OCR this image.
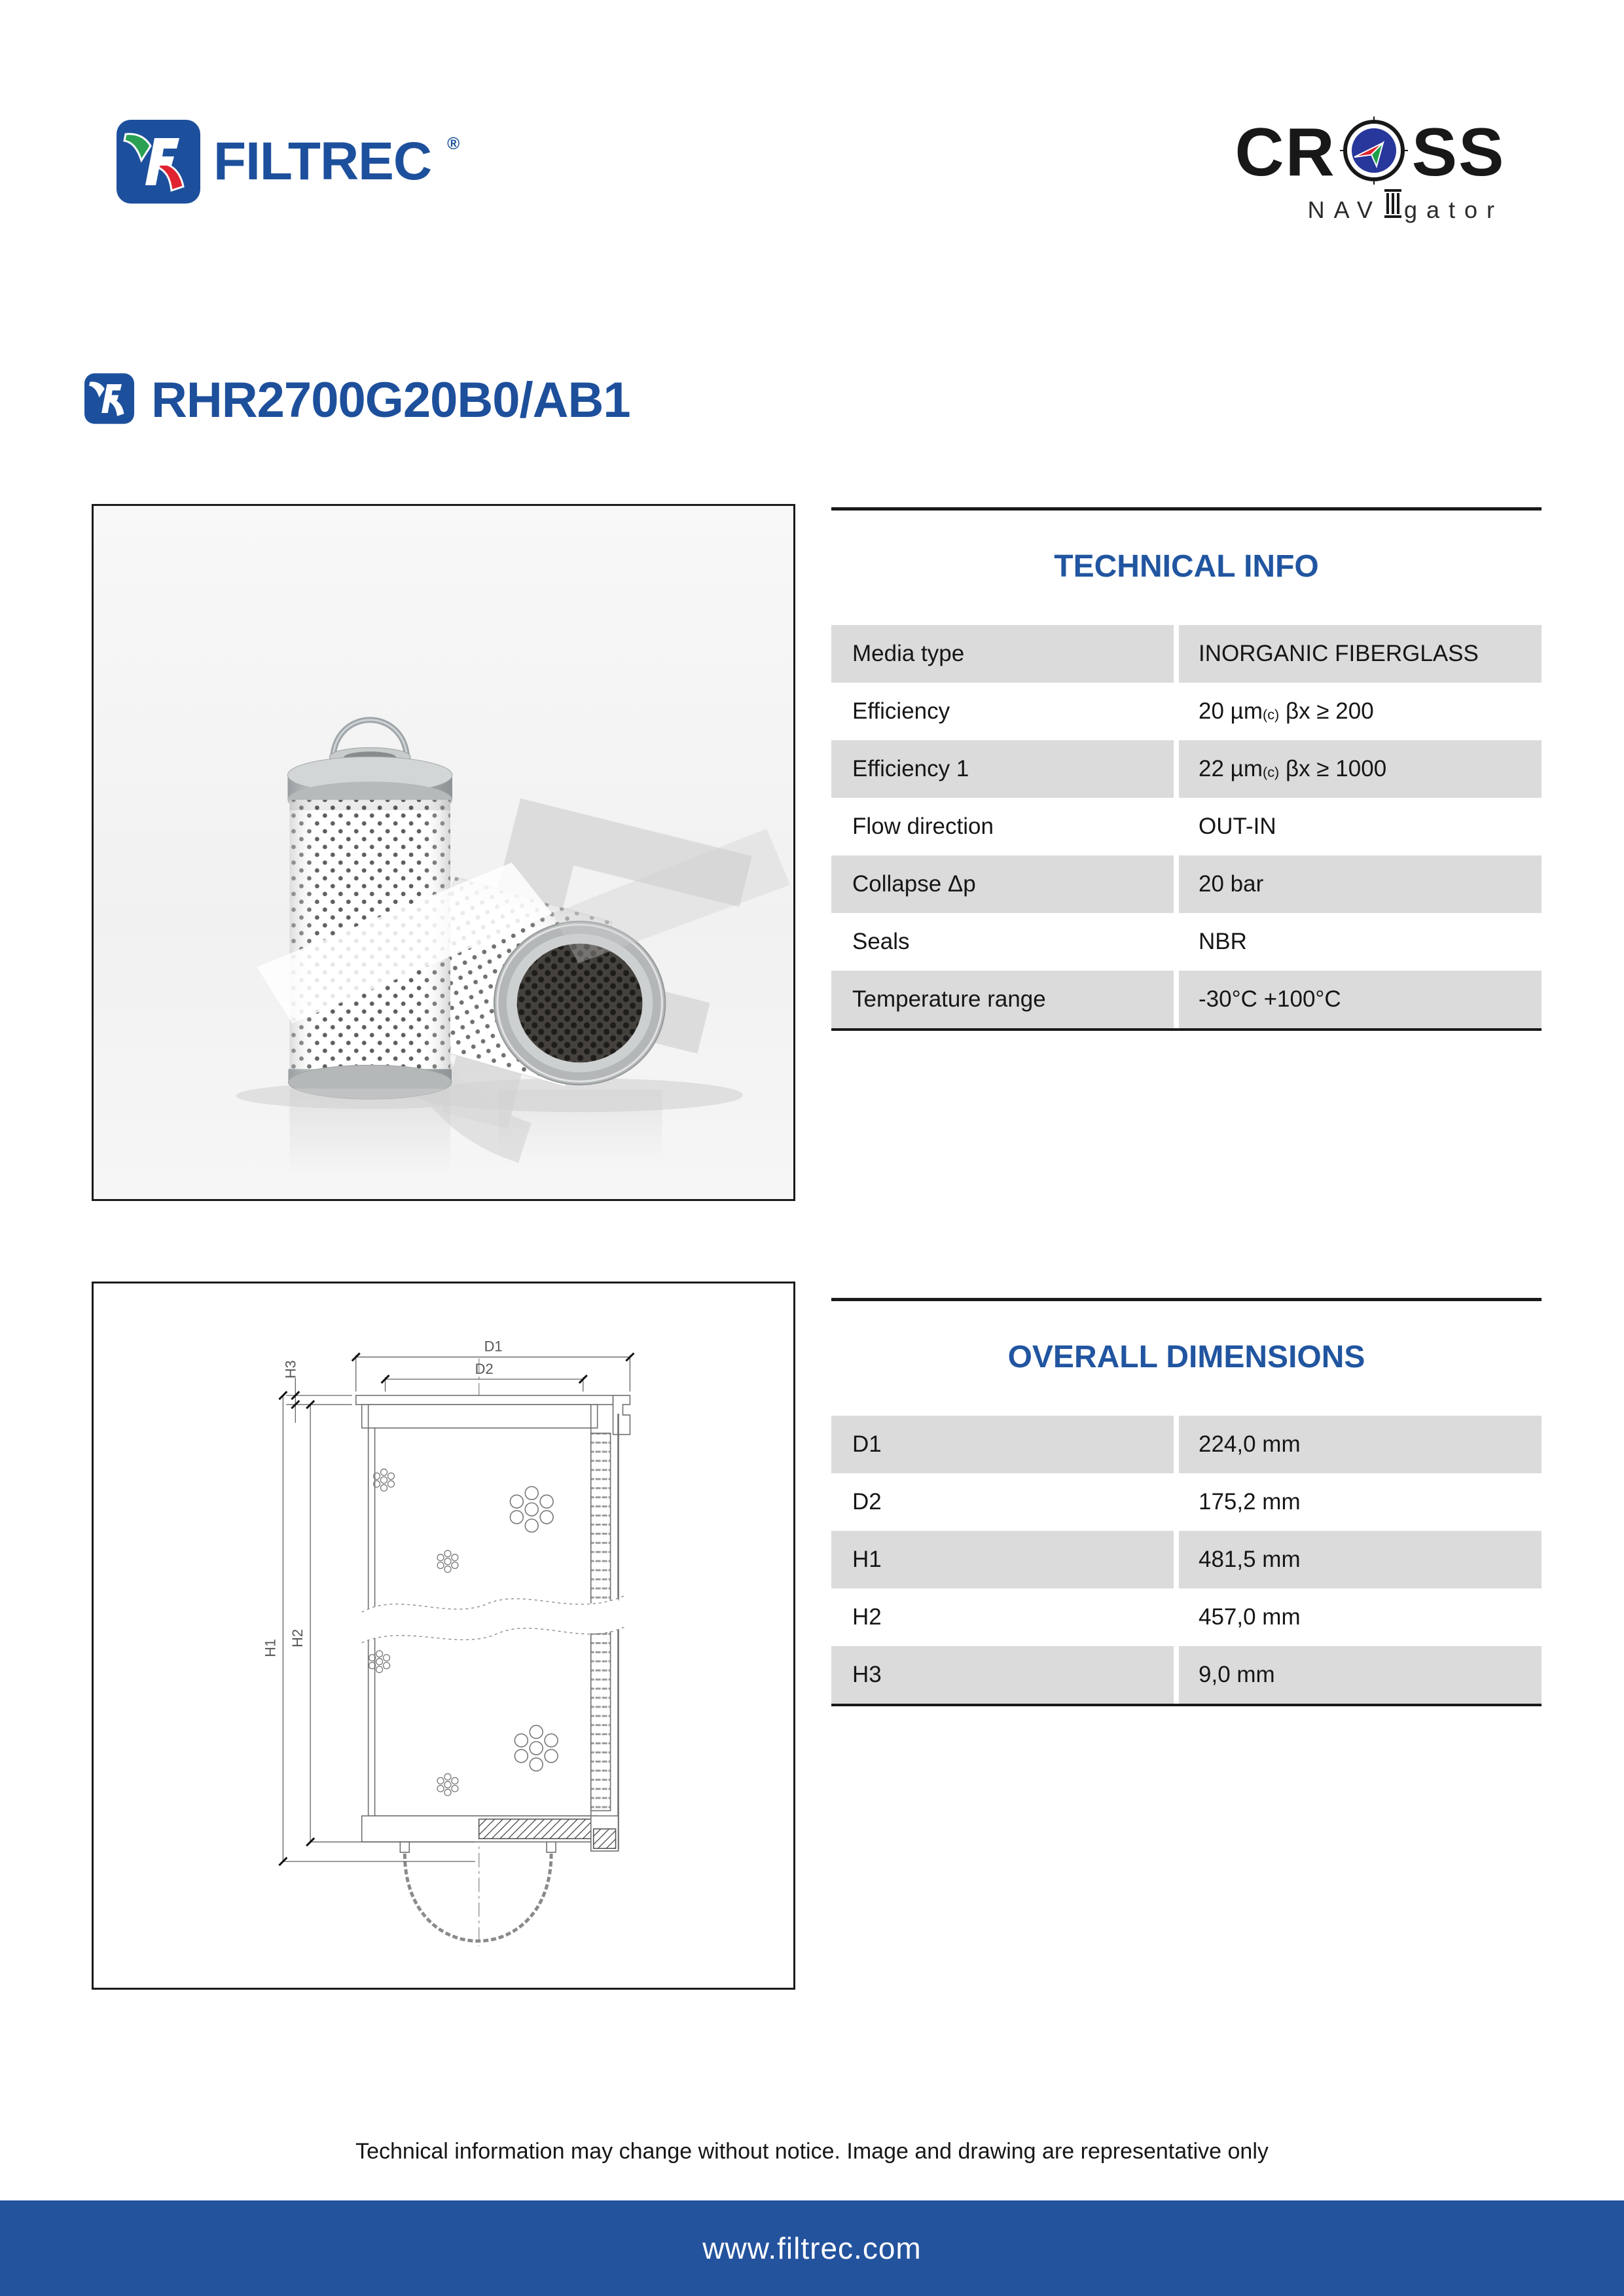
FILTREC ®	CR SS
NAV gator
RHR2700G20B0/AB1
TECHNICAL INFO
Media type	INORGANIC FIBERGLASS
Efficiency	20 µm$_{(c)}$ βx ≥ 200
Efficiency 1	22 µm$_{(c)}$ βx ≥ 1000
Flow direction	OUT-IN
Collapse Δp	20 bar
Seals	NBR
Temperature range	-30°C +100°C
D1
D2
H3
H1
H2
OVERALL DIMENSIONS
D1	224,0 mm
D2	175,2 mm
H1	481,5 mm
H2	457,0 mm
H3	9,0 mm
Technical information may change without notice. Image and drawing are representative only
www.filtrec.com
